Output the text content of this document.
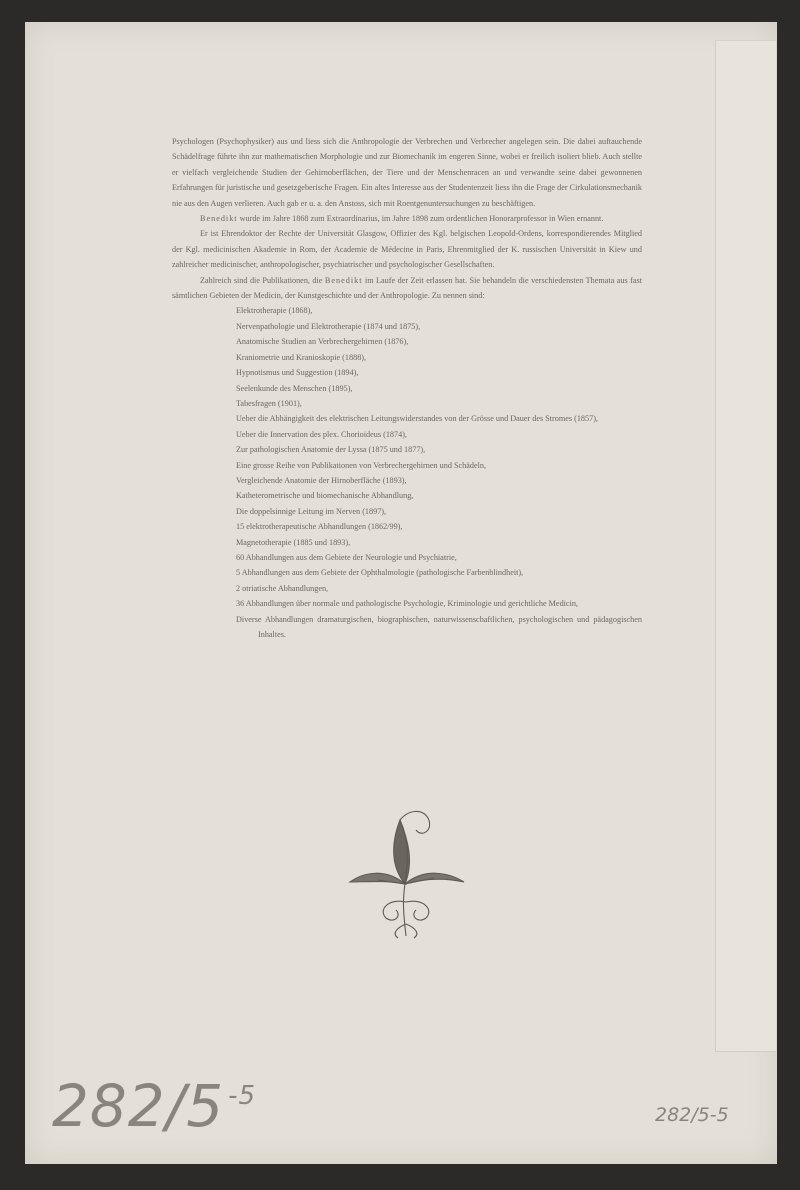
Psychologen (Psychophysiker) aus und liess sich die Anthropologie der Verbrechen und Verbrecher angelegen sein. Die dabei auftauchende Schädelfrage führte ihn zur mathematischen Morphologie und zur Biomechanik im engeren Sinne, wobei er freilich isoliert blieb. Auch stellte er vielfach vergleichende Studien der Gehirnoberflächen, der Tiere und der Menschenracen an und verwandte seine dabei gewonnenen Erfahrungen für juristische und gesetzgeberische Fragen. Ein altes Interesse aus der Studentenzeit liess ihn die Frage der Cirkulationsmechanik nie aus den Augen verlieren. Auch gab er u. a. den Anstoss, sich mit Roentgenuntersuchungen zu beschäftigen.

Benedikt wurde im Jahre 1868 zum Extraordinarius, im Jahre 1898 zum ordentlichen Honorarprofessor in Wien ernannt.

Er ist Ehrendoktor der Rechte der Universität Glasgow, Offizier des Kgl. belgischen Leopold-Ordens, korrespondierendes Mitglied der Kgl. medicinischen Akademie in Rom, der Academie de Médecine in Paris, Ehrenmitglied der K. russischen Universität in Kiew und zahlreicher medicinischer, anthropologischer, psychiatrischer und psychologischer Gesellschaften.

Zahlreich sind die Publikationen, die Benedikt im Laufe der Zeit erlassen hat. Sie behandeln die verschiedensten Themata aus fast sämtlichen Gebieten der Medicin, der Kunstgeschichte und der Anthropologie. Zu nennen sind:

Elektrotherapie (1868),
Nervenpathologie und Elektrotherapie (1874 und 1875),
Anatomische Studien an Verbrechergehirnen (1876),
Kraniometrie und Kranioskopie (1888),
Hypnotismus und Suggestion (1894),
Seelenkunde des Menschen (1895),
Tabesfragen (1901),
Ueber die Abhängigkeit des elektrischen Leitungswiderstandes von der Grösse und Dauer des Stromes (1857),
Ueber die Innervation des plex. Chorioideus (1874),
Zur pathologischen Anatomie der Lyssa (1875 und 1877),
Eine grosse Reihe von Publikationen von Verbrechergehirnen und Schädeln,
Vergleichende Anatomie der Hirnoberfläche (1893),
Katheterometrische und biomechanische Abhandlung,
Die doppelsinnige Leitung im Nerven (1897),
15 elektrotherapeutische Abhandlungen (1862/99),
Magnetotherapie (1885 und 1893),
60 Abhandlungen aus dem Gebiete der Neurologie und Psychiatrie,
5 Abhandlungen aus dem Gebiete der Ophthalmologie (pathologische Farbenblindheit),
2 otriatische Abhandlungen,
36 Abhandlungen über normale und pathologische Psychologie, Kriminologie und gerichtliche Medicin,
Diverse Abhandlungen dramaturgischen, biographischen, naturwissenschaftlichen, psychologischen und pädagogischen Inhaltes.
282/5 $^{-5}$
282/5-5
